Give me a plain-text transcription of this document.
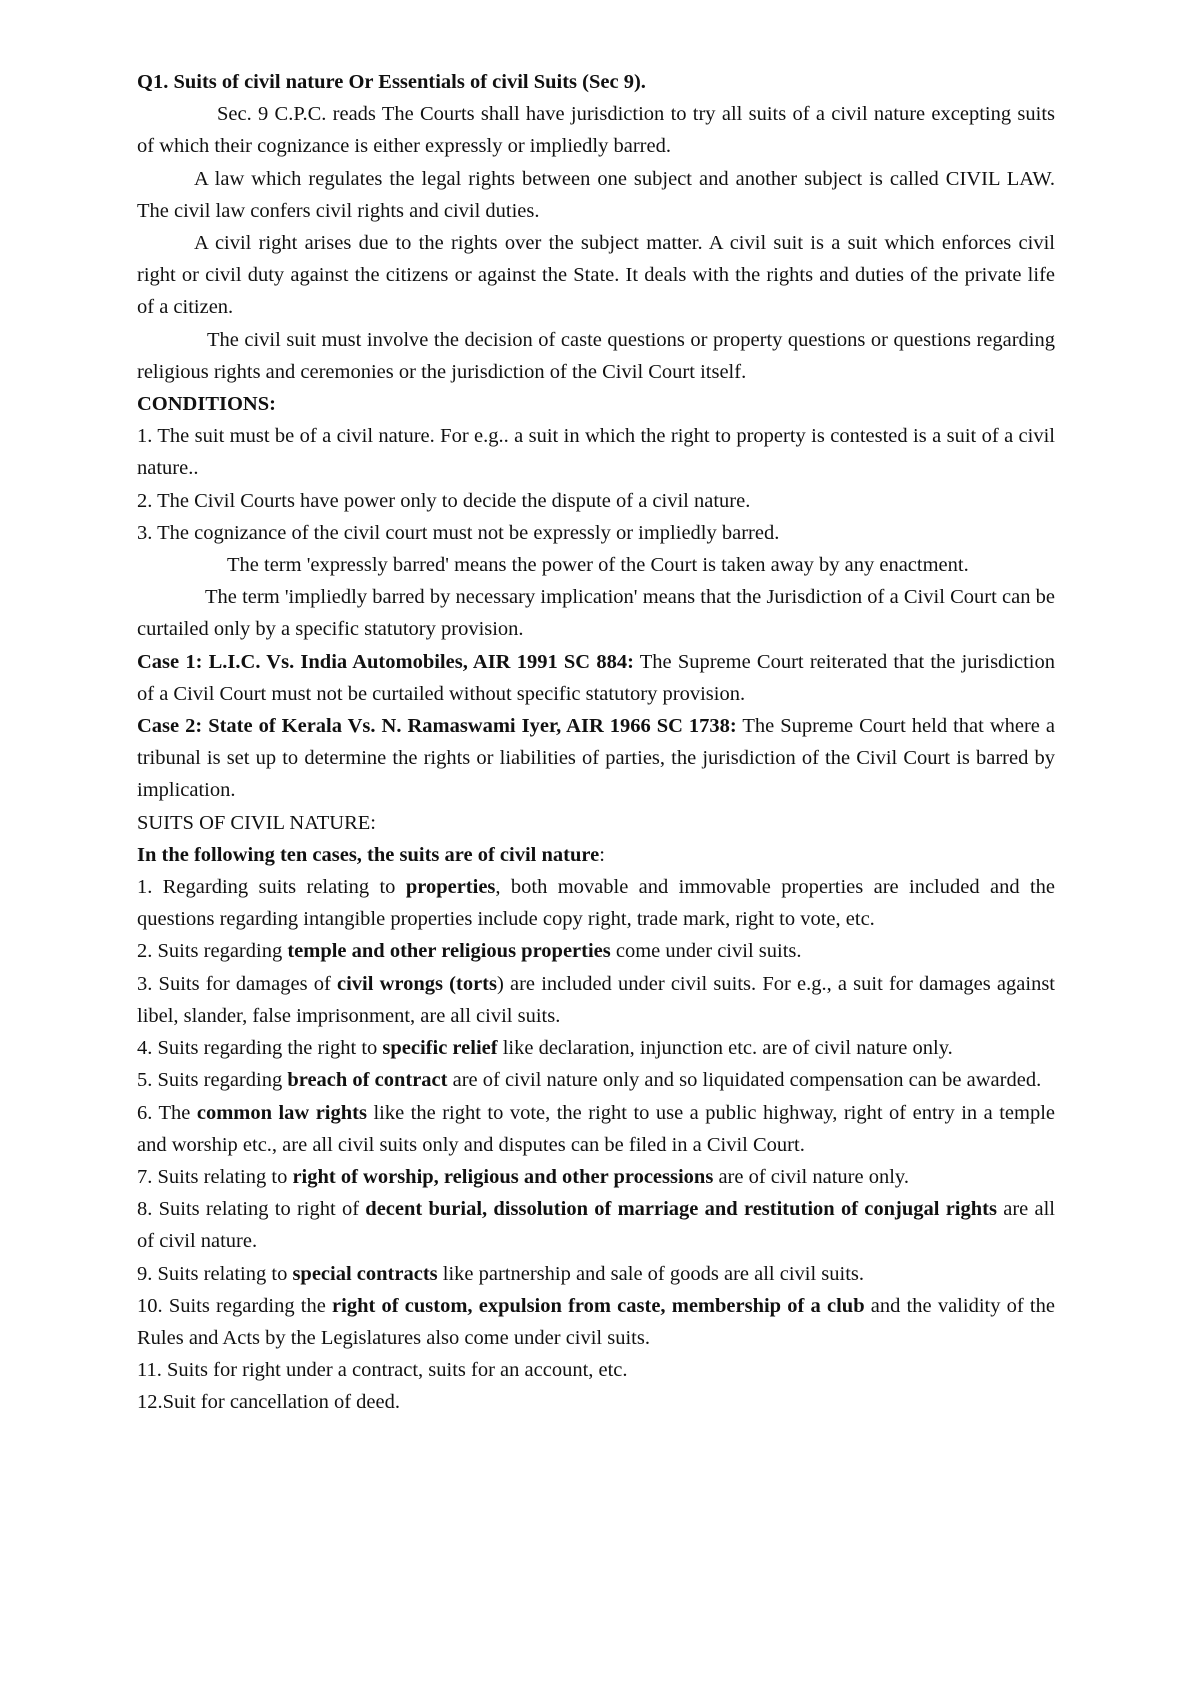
Q1. Suits of civil nature Or Essentials of civil Suits (Sec 9).

Sec. 9 C.P.C. reads The Courts shall have jurisdiction to try all suits of a civil nature excepting suits of which their cognizance is either expressly or impliedly barred.

A law which regulates the legal rights between one subject and another subject is called CIVIL LAW. The civil law confers civil rights and civil duties.

A civil right arises due to the rights over the subject matter. A civil suit is a suit which enforces civil right or civil duty against the citizens or against the State. It deals with the rights and duties of the private life of a citizen.

The civil suit must involve the decision of caste questions or property questions or questions regarding religious rights and ceremonies or the jurisdiction of the Civil Court itself.

CONDITIONS:

1. The suit must be of a civil nature. For e.g.. a suit in which the right to property is contested is a suit of a civil nature..

2. The Civil Courts have power only to decide the dispute of a civil nature.

3. The cognizance of the civil court must not be expressly or impliedly barred.

The term 'expressly barred' means the power of the Court is taken away by any enactment.

The term 'impliedly barred by necessary implication' means that the Jurisdiction of a Civil Court can be curtailed only by a specific statutory provision.

Case 1: L.I.C. Vs. India Automobiles, AIR 1991 SC 884: The Supreme Court reiterated that the jurisdiction of a Civil Court must not be curtailed without specific statutory provision.

Case 2: State of Kerala Vs. N. Ramaswami Iyer, AIR 1966 SC 1738: The Supreme Court held that where a tribunal is set up to determine the rights or liabilities of parties, the jurisdiction of the Civil Court is barred by implication.

SUITS OF CIVIL NATURE:

In the following ten cases, the suits are of civil nature:

1. Regarding suits relating to properties, both movable and immovable properties are included and the questions regarding intangible properties include copy right, trade mark, right to vote, etc.

2. Suits regarding temple and other religious properties come under civil suits.

3. Suits for damages of civil wrongs (torts) are included under civil suits. For e.g., a suit for damages against libel, slander, false imprisonment, are all civil suits.

4. Suits regarding the right to specific relief like declaration, injunction etc. are of civil nature only.

5. Suits regarding breach of contract are of civil nature only and so liquidated compensation can be awarded.

6. The common law rights like the right to vote, the right to use a public highway, right of entry in a temple and worship etc., are all civil suits only and disputes can be filed in a Civil Court.

7. Suits relating to right of worship, religious and other processions are of civil nature only.

8. Suits relating to right of decent burial, dissolution of marriage and restitution of conjugal rights are all of civil nature.

9. Suits relating to special contracts like partnership and sale of goods are all civil suits.

10. Suits regarding the right of custom, expulsion from caste, membership of a club and the validity of the Rules and Acts by the Legislatures also come under civil suits.

11. Suits for right under a contract, suits for an account, etc.

12.Suit for cancellation of deed.
